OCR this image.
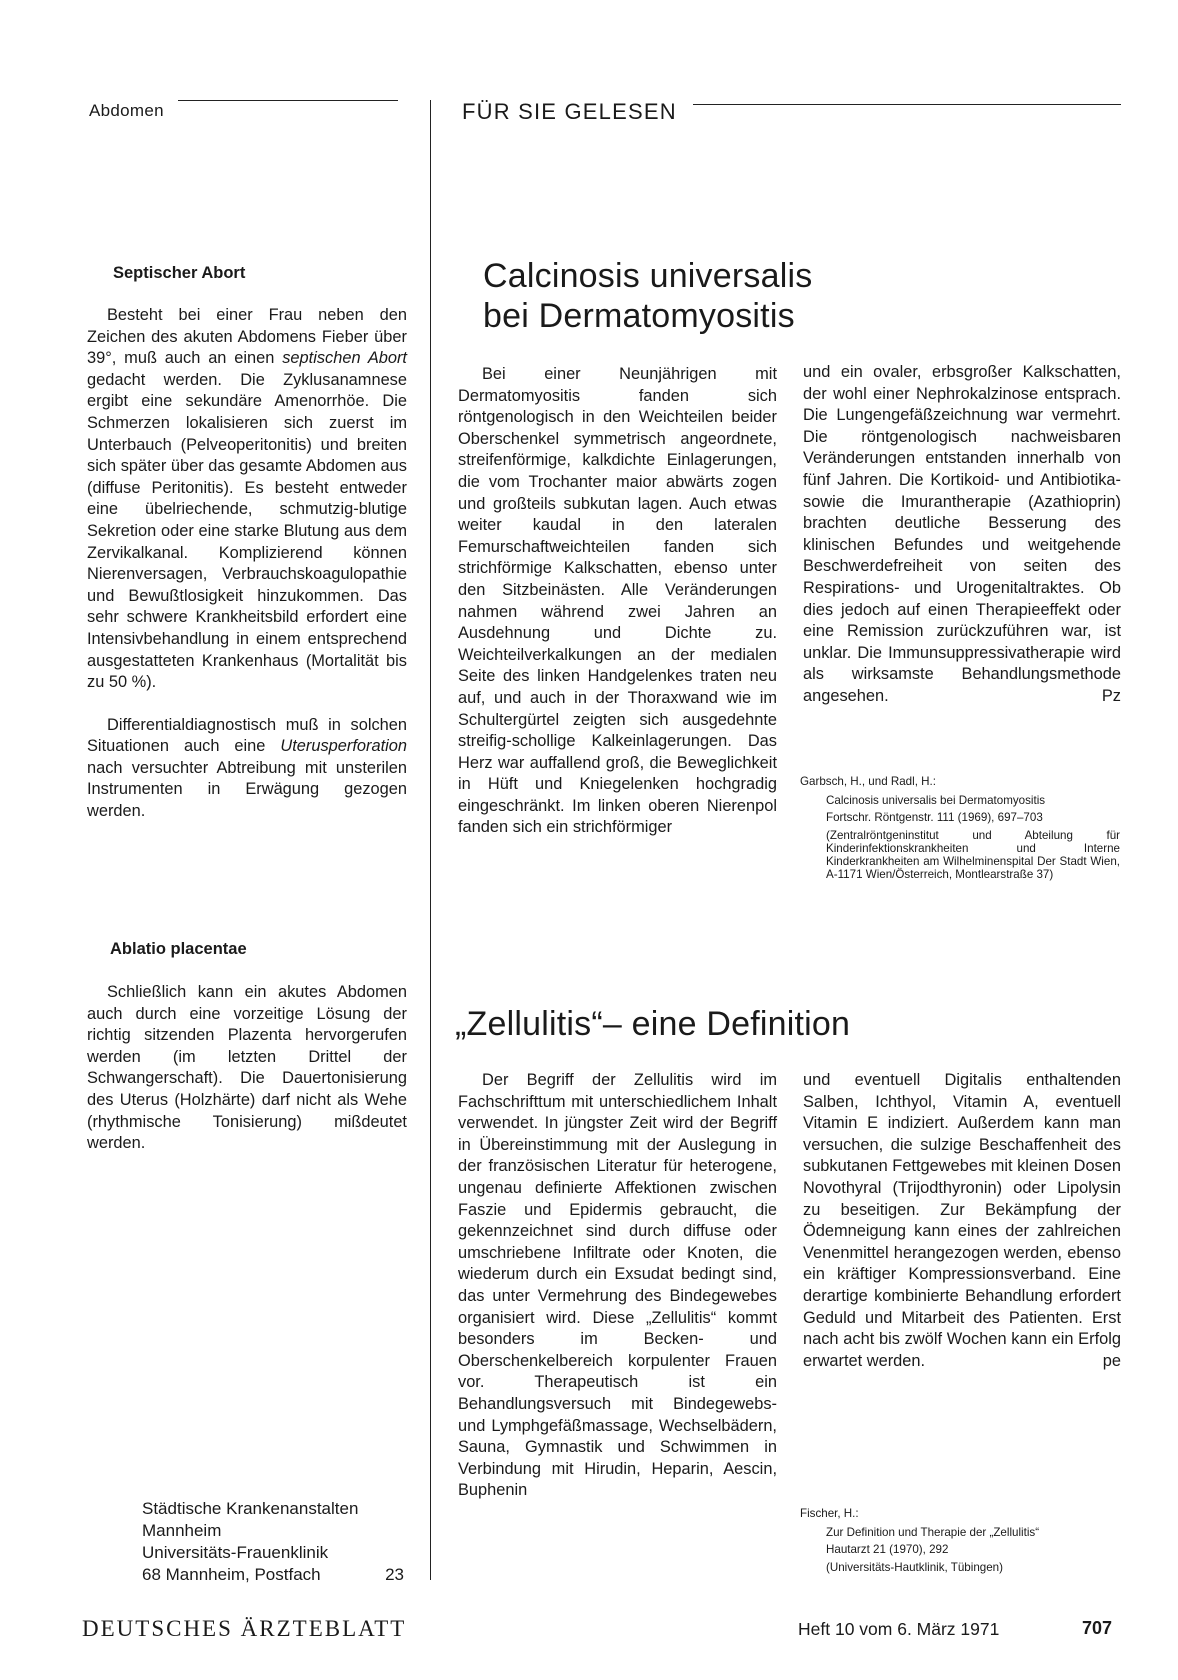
Abdomen	FÜR SIE GELESEN
Septischer Abort

Besteht bei einer Frau neben den Zeichen des akuten Abdomens Fieber über 39°, muß auch an einen septischen Abort gedacht werden. Die Zyklusanamnese ergibt eine sekundäre Amenorrhöe. Die Schmerzen lokalisieren sich zuerst im Unterbauch (Pelveoperitonitis) und breiten sich später über das gesamte Abdomen aus (diffuse Peritonitis). Es besteht entweder eine übelriechende, schmutzig-blutige Sekretion oder eine starke Blutung aus dem Zervikalkanal. Komplizierend können Nierenversagen, Verbrauchskoagulopathie und Bewußtlosigkeit hinzukommen. Das sehr schwere Krankheitsbild erfordert eine Intensivbehandlung in einem entsprechend ausgestatteten Krankenhaus (Mortalität bis zu 50 %).

Differentialdiagnostisch muß in solchen Situationen auch eine Uterusperforation nach versuchter Abtreibung mit unsterilen Instrumenten in Erwägung gezogen werden.

Ablatio placentae

Schließlich kann ein akutes Abdomen auch durch eine vorzeitige Lösung der richtig sitzenden Plazenta hervorgerufen werden (im letzten Drittel der Schwangerschaft). Die Dauertonisierung des Uterus (Holzhärte) darf nicht als Wehe (rhythmische Tonisierung) mißdeutet werden.

Städtische Krankenanstalten
Mannheim
Universitäts-Frauenklinik
68 Mannheim, Postfach	23
Calcinosis universalis
bei Dermatomyositis

Bei einer Neunjährigen mit Dermatomyositis fanden sich röntgenologisch in den Weichteilen beider Oberschenkel symmetrisch angeordnete, streifenförmige, kalkdichte Einlagerungen, die vom Trochanter maior abwärts zogen und großteils subkutan lagen. Auch etwas weiter kaudal in den lateralen Femurschaftweichteilen fanden sich strichförmige Kalkschatten, ebenso unter den Sitzbeinästen. Alle Veränderungen nahmen während zwei Jahren an Ausdehnung und Dichte zu. Weichteilverkalkungen an der medialen Seite des linken Handgelenkes traten neu auf, und auch in der Thoraxwand wie im Schultergürtel zeigten sich ausgedehnte streifig-schollige Kalkeinlagerungen. Das Herz war auffallend groß, die Beweglichkeit in Hüft und Kniegelenken hochgradig eingeschränkt. Im linken oberen Nierenpol fanden sich ein strichförmiger

und ein ovaler, erbsgroßer Kalkschatten, der wohl einer Nephrokalzinose entsprach. Die Lungengefäßzeichnung war vermehrt. Die röntgenologisch nachweisbaren Veränderungen entstanden innerhalb von fünf Jahren. Die Kortikoid- und Antibiotika- sowie die Imurantherapie (Azathioprin) brachten deutliche Besserung des klinischen Befundes und weitgehende Beschwerdefreiheit von seiten des Respirations- und Urogenitaltraktes. Ob dies jedoch auf einen Therapieeffekt oder eine Remission zurückzuführen war, ist unklar. Die Immunsuppressivatherapie wird als wirksamste Behandlungsmethode angesehen.	Pz

Garbsch, H., und Radl, H.:
Calcinosis universalis bei Dermatomyositis
Fortschr. Röntgenstr. 111 (1969), 697–703
(Zentralröntgeninstitut und Abteilung für Kinderinfektionskrankheiten und Interne Kinderkrankheiten am Wilhelminenspital Der Stadt Wien, A-1171 Wien/Österreich, Montlearstraße 37)
„Zellulitis“– eine Definition

Der Begriff der Zellulitis wird im Fachschrifttum mit unterschiedlichem Inhalt verwendet. In jüngster Zeit wird der Begriff in Übereinstimmung mit der Auslegung in der französischen Literatur für heterogene, ungenau definierte Affektionen zwischen Faszie und Epidermis gebraucht, die gekennzeichnet sind durch diffuse oder umschriebene Infiltrate oder Knoten, die wiederum durch ein Exsudat bedingt sind, das unter Vermehrung des Bindegewebes organisiert wird. Diese „Zellulitis“ kommt besonders im Becken- und Oberschenkelbereich korpulenter Frauen vor. Therapeutisch ist ein Behandlungsversuch mit Bindegewebs- und Lymphgefäßmassage, Wechselbädern, Sauna, Gymnastik und Schwimmen in Verbindung mit Hirudin, Heparin, Aescin, Buphenin

und eventuell Digitalis enthaltenden Salben, Ichthyol, Vitamin A, eventuell Vitamin E indiziert. Außerdem kann man versuchen, die sulzige Beschaffenheit des subkutanen Fettgewebes mit kleinen Dosen Novothyral (Trijodthyronin) oder Lipolysin zu beseitigen. Zur Bekämpfung der Ödemneigung kann eines der zahlreichen Venenmittel herangezogen werden, ebenso ein kräftiger Kompressionsverband. Eine derartige kombinierte Behandlung erfordert Geduld und Mitarbeit des Patienten. Erst nach acht bis zwölf Wochen kann ein Erfolg erwartet werden.	pe

Fischer, H.:
Zur Definition und Therapie der „Zellulitis“
Hautarzt 21 (1970), 292
(Universitäts-Hautklinik, Tübingen)
DEUTSCHES ÄRZTEBLATT	Heft 10 vom 6. März 1971	707
